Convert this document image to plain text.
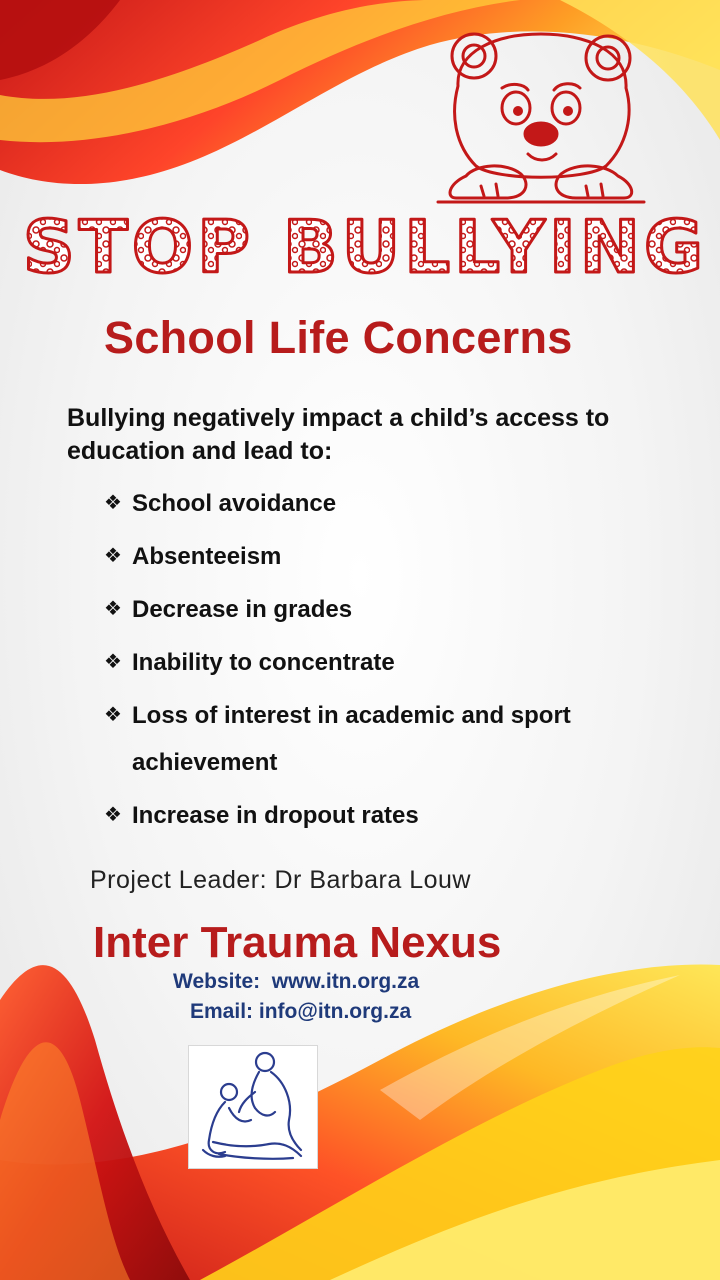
STOP BULLYING
School Life Concerns

Bullying negatively impact a child’s access to education and lead to:

❖ School avoidance
❖ Absenteeism
❖ Decrease in grades
❖ Inability to concentrate
❖ Loss of interest in academic and sport achievement
❖ Increase in dropout rates

Project Leader: Dr Barbara Louw

Inter Trauma Nexus

Website:  www.itn.org.za

Email: info@itn.org.za
